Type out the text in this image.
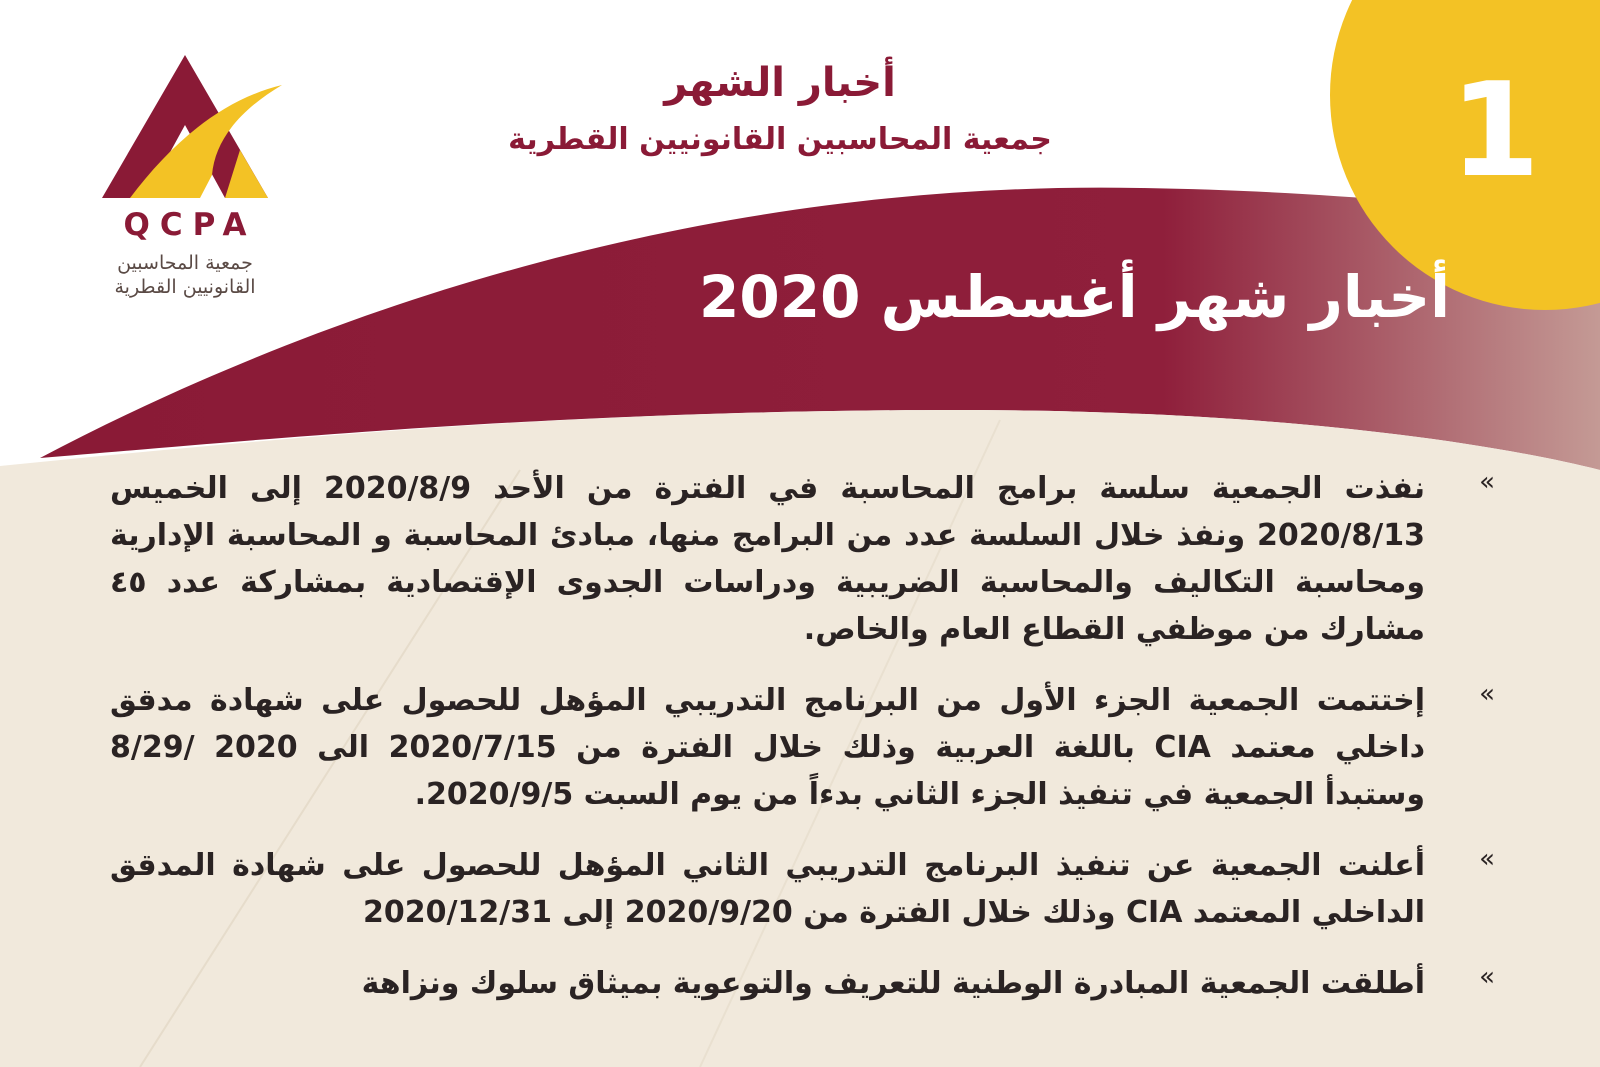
QCPA
جمعية المحاسبين
القانونيين القطرية
أخبار الشهر
جمعية المحاسبين القانونيين القطرية	1
أخبار شهر أغسطس 2020
»
نفذت الجمعية سلسة برامج المحاسبة في الفترة من الأحد 2020/8/9 إلى الخميس 2020/8/13 ونفذ خلال السلسة عدد من البرامج منها، مبادئ المحاسبة و المحاسبة الإدارية ومحاسبة التكاليف والمحاسبة الضريبية ودراسات الجدوى الإقتصادية بمشاركة عدد ٤٥ مشارك من موظفي القطاع العام والخاص.
»
إختتمت الجمعية الجزء الأول من البرنامج التدريبي المؤهل للحصول على شهادة مدقق داخلي معتمد CIA باللغة العربية وذلك خلال الفترة من 2020/7/15 الى 2020 /8/29 وستبدأ الجمعية في تنفيذ الجزء الثاني بدءاً من يوم السبت 2020/9/5.
»
أعلنت الجمعية عن تنفيذ البرنامج التدريبي الثاني المؤهل للحصول على شهادة المدقق الداخلي المعتمد CIA وذلك خلال الفترة من 2020/9/20 إلى 2020/12/31
»
أطلقت الجمعية المبادرة الوطنية للتعريف والتوعوية بميثاق سلوك ونزاهة
